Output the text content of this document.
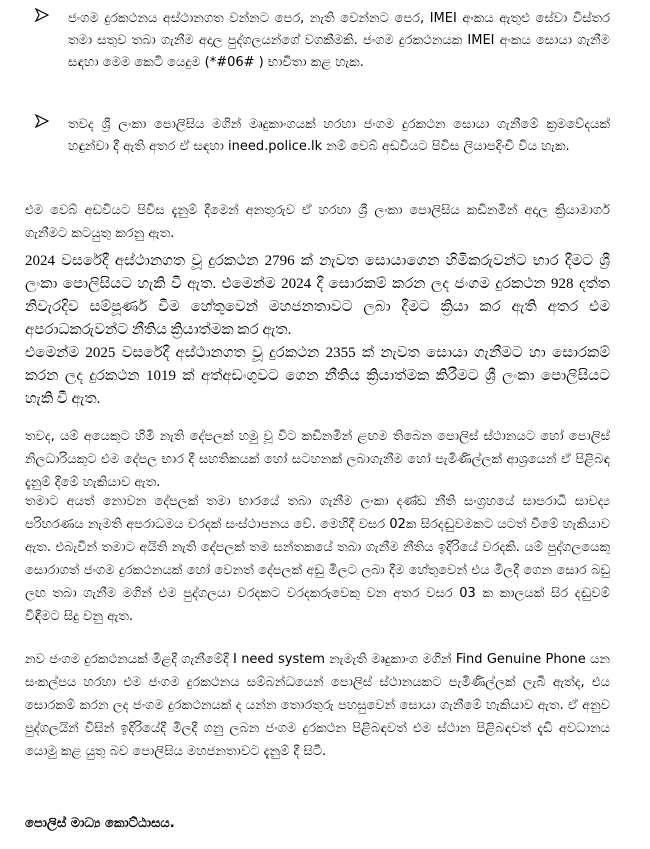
ජංගම දුරකථනය අස්ථානගත වන්නට පෙර, නැති වෙන්නට පෙර, IMEI අංකය ඇතුළු සේවා විස්තර තමා සතුව තබා ගැනීම අදාල පුද්ගලයන්ගේ වගකීමකි. ජංගම දුරකථනයක IMEI අංකය සොයා ගැනීම සඳහා මෙම කෙටි යෙදුම (*#06# ) භාවිතා කළ හැක.
තවද ශ්‍රී ලංකා පොලිසිය මගින් මෘදුකාංගයක් හරහා ජංගම දුරකථන සොයා ගැනීමේ ක්‍රමවේදයක් හඳුන්වා දී ඇති අතර ඒ සඳහා ineed.police.lk නම් වෙබ් අඩවියට පිවිස ලියාපදිංචි විය හැක.
එම වෙබ් අඩවියට පිවිස දැනුම් දීමෙන් අනතුරුව ඒ හරහා ශ්‍රී ලංකා පොලිසිය කඩිනමින් අදාල ක්‍රියාමාර්ග ගැනීමට කටයුතු කරනු ඇත.
2024 වසරේදී අස්ථානගත වූ දුරකථන 2796 ක් නැවත සොයාගෙන හිමිකරුවන්ට භාර දීමට ශ්‍රී ලංකා පොලිසියට හැකි වී ඇත. එමෙන්ම 2024 දී සොරකම් කරන ලද ජංගම දුරකථන 928 දත්ත නිවැරදිව සම්පූර්ණ වීම හේතුවෙන් මහජනතාවට ලබා දීමට ක්‍රියා කර ඇති අතර එම අපරාධකරුවන්ට නීතිය ක්‍රියාත්මක කර ඇත.
එමෙන්ම 2025 වසරේදී අස්ථානගත වූ දුරකථන 2355 ක් නැවත සොයා ගැනීමට හා සොරකම් කරන ලද දුරකථන 1019 ක් අත්අඩංගුවට ගෙන නීතිය ක්‍රියාත්මක කිරීමට ශ්‍රී ලංකා පොලිසියට හැකි වී ඇත.
තවද, යම් අයෙකුට හිමි නැති දේපලක් හමු වූ විට කඩිනමින් ළඟම තිබෙන පොලිස් ස්ථානයට හෝ පොලිස් නිලධාරියකුට එම දේපල භාර දී සහතිකයක් හෝ සටහනක් ලබාගැනීම හෝ පැමිණිල්ලක් ආශ්‍රයෙන් ඒ පිළිබඳ දැනුම් දීමේ හැකියාව ඇත.
තමාට අයත් නොවන දේපලක් තමා භාරයේ තබා ගැනීම ලංකා දණ්ඩ නීති සංග්‍රහයේ සාපරාධී සාවද්‍ය පරිහරණය නැමති අපරාධමය වරදක් සංස්ථාපනය වේ. මෙහිදී වසර 02ක සිරදඬුවමකට යටත් වීමේ හැකියාව ඇත. එබැවින් තමාට අයිති නැති දේපලක් තම සන්තකයේ තබා ගැනීම නීතිය ඉදිරියේ වරදකි. යම් පුද්ගලයෙකු සොරාගත් ජංගම දුරකථනයක් හෝ වෙනත් දේපලක් අඩු මිලට ලබා දීම හේතුවෙන් එය මිලදී ගෙන සොර බඩු ලඟ තබා ගැනීම මගින් එම පුද්ගලයා වරදකට වරදකරුවෙකු වන අතර වසර 03 ක කාලයක් සිර දඬුවම් විඳීමට සිදු වනු ඇත.
නව ජංගම දුරකථනයක් මිළදී ගැනීමේදී I need system නැමැති මෘදුකාංග මගින් Find Genuine Phone යන සංකල්පය හරහා එම ජංගම දුරකථනය සම්බන්ධයෙන් පොලිස් ස්ථානයකට පැමිණිල්ලක් ලැබී ඇත්ද, එය සොරකම් කරන ලද ජංගම දුරකථනයක් ද යන්න තොරතුරු පහසුවෙන් සොයා ගැනීමේ හැකියාව ඇත. ඒ අනුව පුද්ගලයින් විසින් ඉදිරියේදී මිලදී ගනු ලබන ජංගම දුරකථන පිළිබඳවත් එම ස්ථාන පිළිබඳවත් දැඩි අවධානය යොමු කළ යුතු බව පොලිසිය මහජනතාවට දැනුම් දී සිටී.
පොලිස් මාධ්‍ය කොට්ඨාසය.
